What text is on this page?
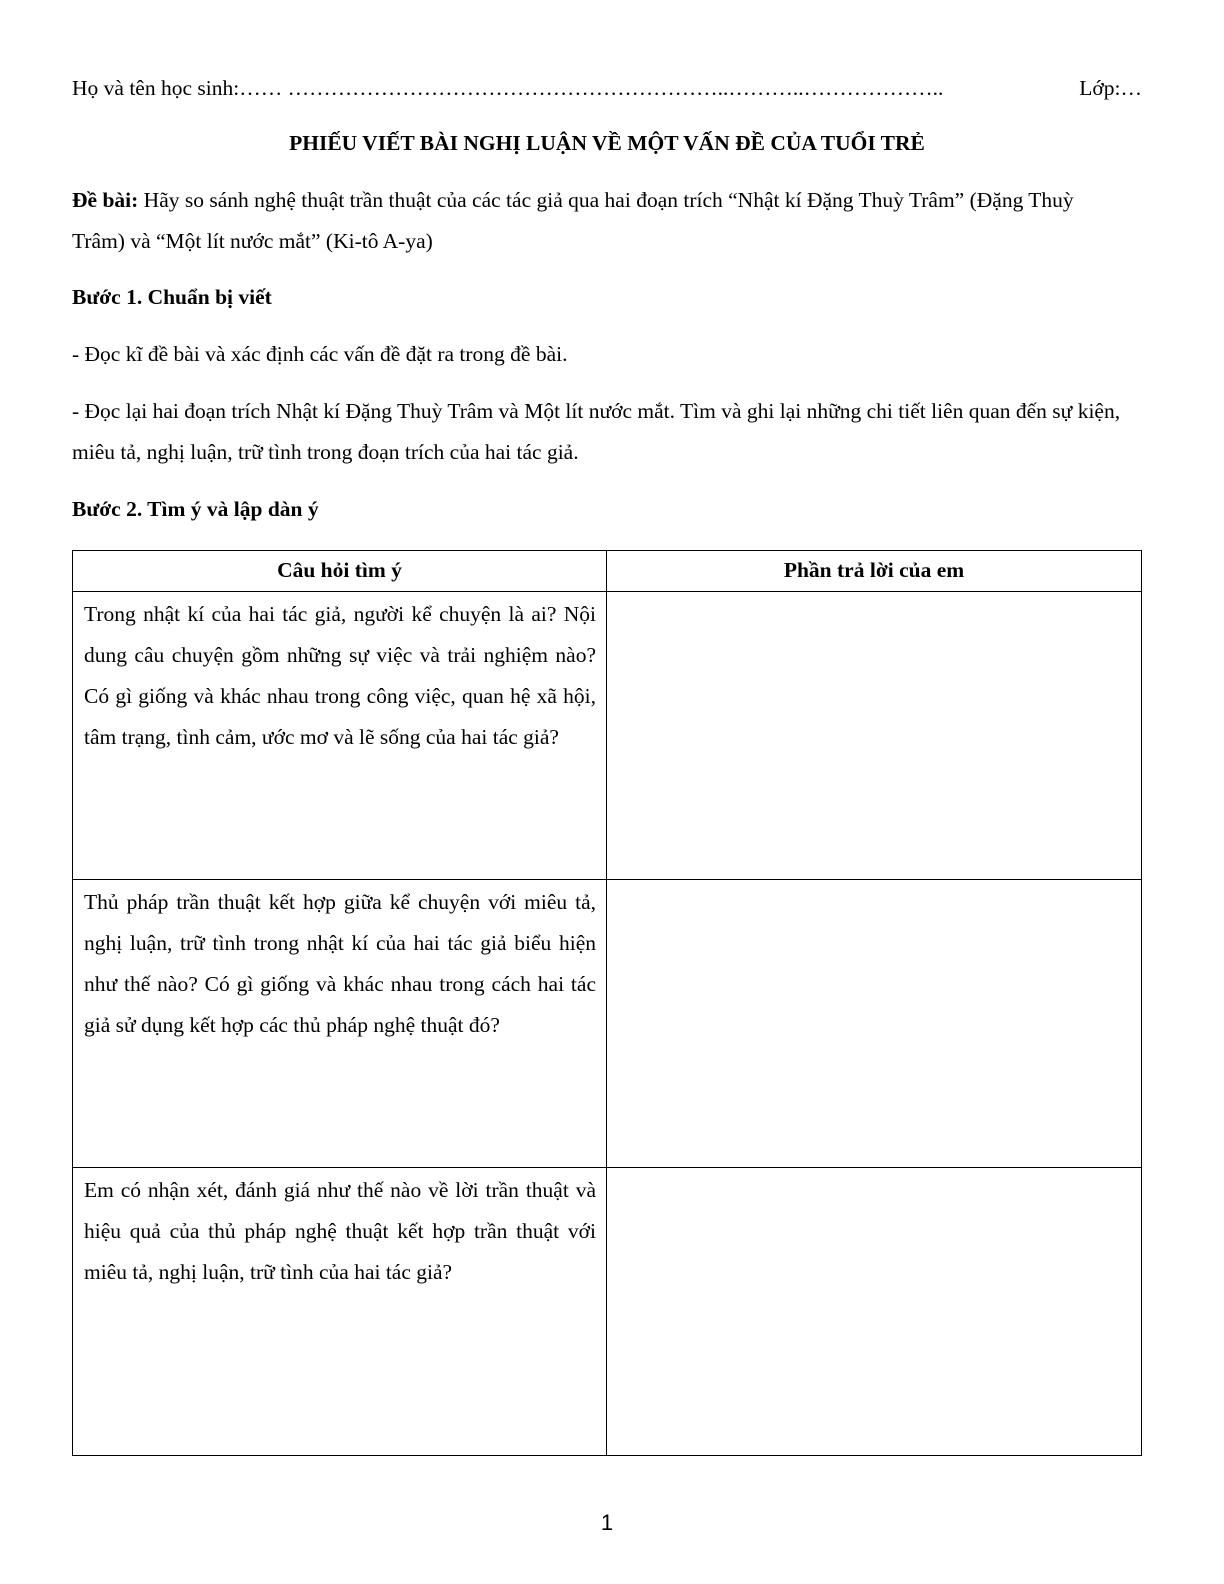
Họ và tên học sinh:…… ……………………………………………………..………..………………..	Lớp:…
PHIẾU VIẾT BÀI NGHỊ LUẬN VỀ MỘT VẤN ĐỀ CỦA TUỔI TRẺ
Đề bài: Hãy so sánh nghệ thuật trần thuật của các tác giả qua hai đoạn trích “Nhật kí Đặng Thuỳ Trâm” (Đặng Thuỳ Trâm) và “Một lít nước mắt” (Ki-tô A-ya)
Bước 1. Chuẩn bị viết
- Đọc kĩ đề bài và xác định các vấn đề đặt ra trong đề bài.
- Đọc lại hai đoạn trích Nhật kí Đặng Thuỳ Trâm và Một lít nước mắt. Tìm và ghi lại những chi tiết liên quan đến sự kiện, miêu tả, nghị luận, trữ tình trong đoạn trích của hai tác giả.
Bước 2. Tìm ý và lập dàn ý
Câu hỏi tìm ý	Phần trả lời của em

Trong nhật kí của hai tác giả, người kể chuyện là ai? Nội dung câu chuyện gồm những sự việc và trải nghiệm nào? Có gì giống và khác nhau trong công việc, quan hệ xã hội, tâm trạng, tình cảm, ước mơ và lẽ sống của hai tác giả?	

Thủ pháp trần thuật kết hợp giữa kể chuyện với miêu tả, nghị luận, trữ tình trong nhật kí của hai tác giả biểu hiện như thế nào? Có gì giống và khác nhau trong cách hai tác giả sử dụng kết hợp các thủ pháp nghệ thuật đó?	

Em có nhận xét, đánh giá như thế nào về lời trần thuật và hiệu quả của thủ pháp nghệ thuật kết hợp trần thuật với miêu tả, nghị luận, trữ tình của hai tác giả?	

1
